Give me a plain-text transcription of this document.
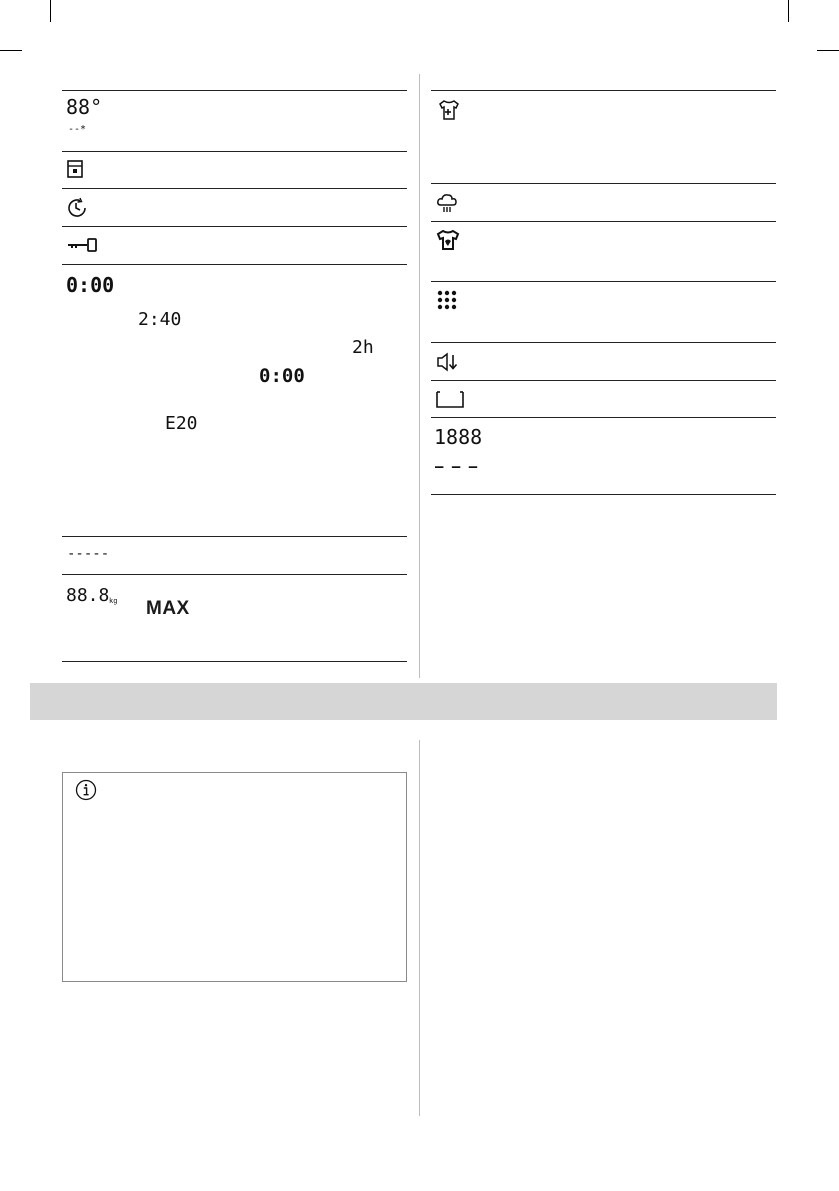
88°
--*
0:00
2:40
2h
0:00
E20
-----
88.8 kg MAX
1888
– – –
